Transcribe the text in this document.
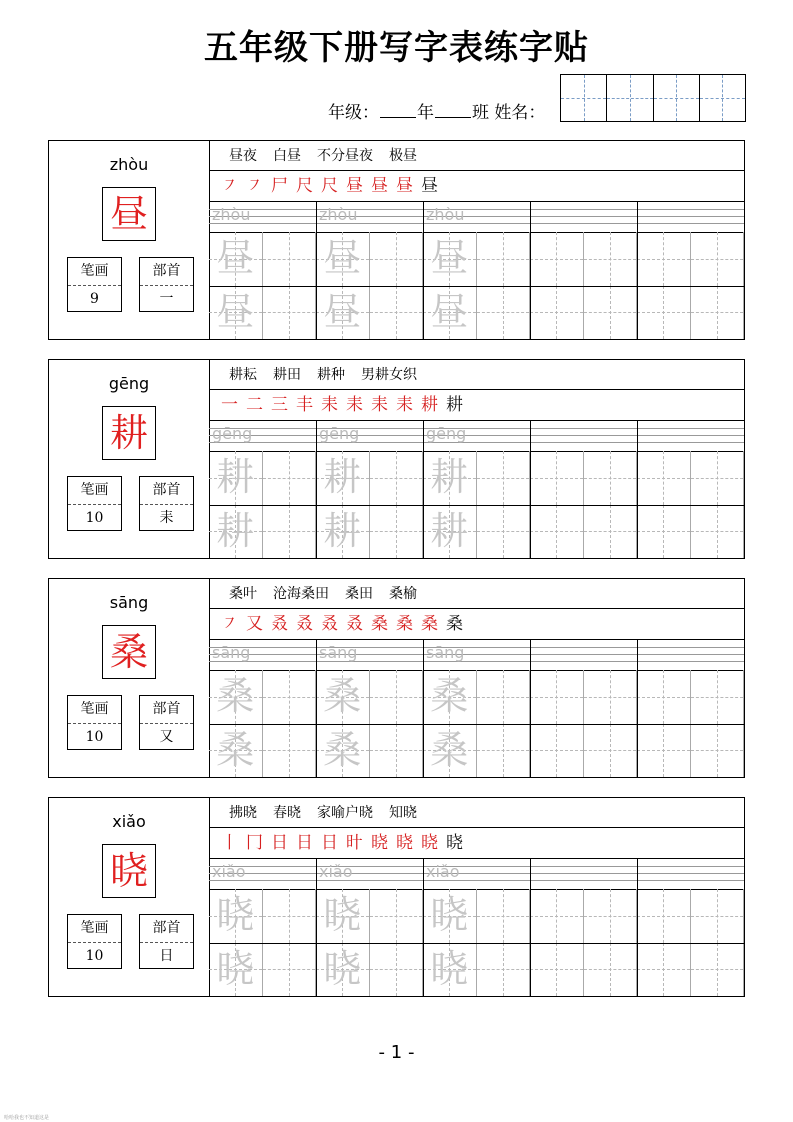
五年级下册写字表练字贴
年级： 年 班 姓名：
zhòu
昼
笔画
9
部首
一
昼夜 白昼 不分昼夜 极昼
㇇ ㇇ 尸 尺 尺 昼 昼 昼 昼
zhòu	zhòu	zhòu
昼 昼 昼
昼 昼 昼
gēng
耕
笔画
10
部首
耒
耕耘 耕田 耕种 男耕女织
一 二 三 丰 耒 耒 耒 耒 耕 耕
gēng	gēng	gēng
耕 耕 耕
耕 耕 耕
sāng
桑
笔画
10
部首
又
桑叶 沧海桑田 桑田 桑榆
㇇ 又 叒 叒 叒 叒 桑 桑 桑 桑
sāng	sāng	sāng
桑 桑 桑
桑 桑 桑
xiǎo
晓
笔画
10
部首
日
拂晓 春晓 家喻户晓 知晓
丨 冂 日 日 日 旪 晓 晓 晓 晓
xiǎo	xiǎo	xiǎo
晓 晓 晓
晓 晓 晓
- 1 -
哈哈我也不知道这是
